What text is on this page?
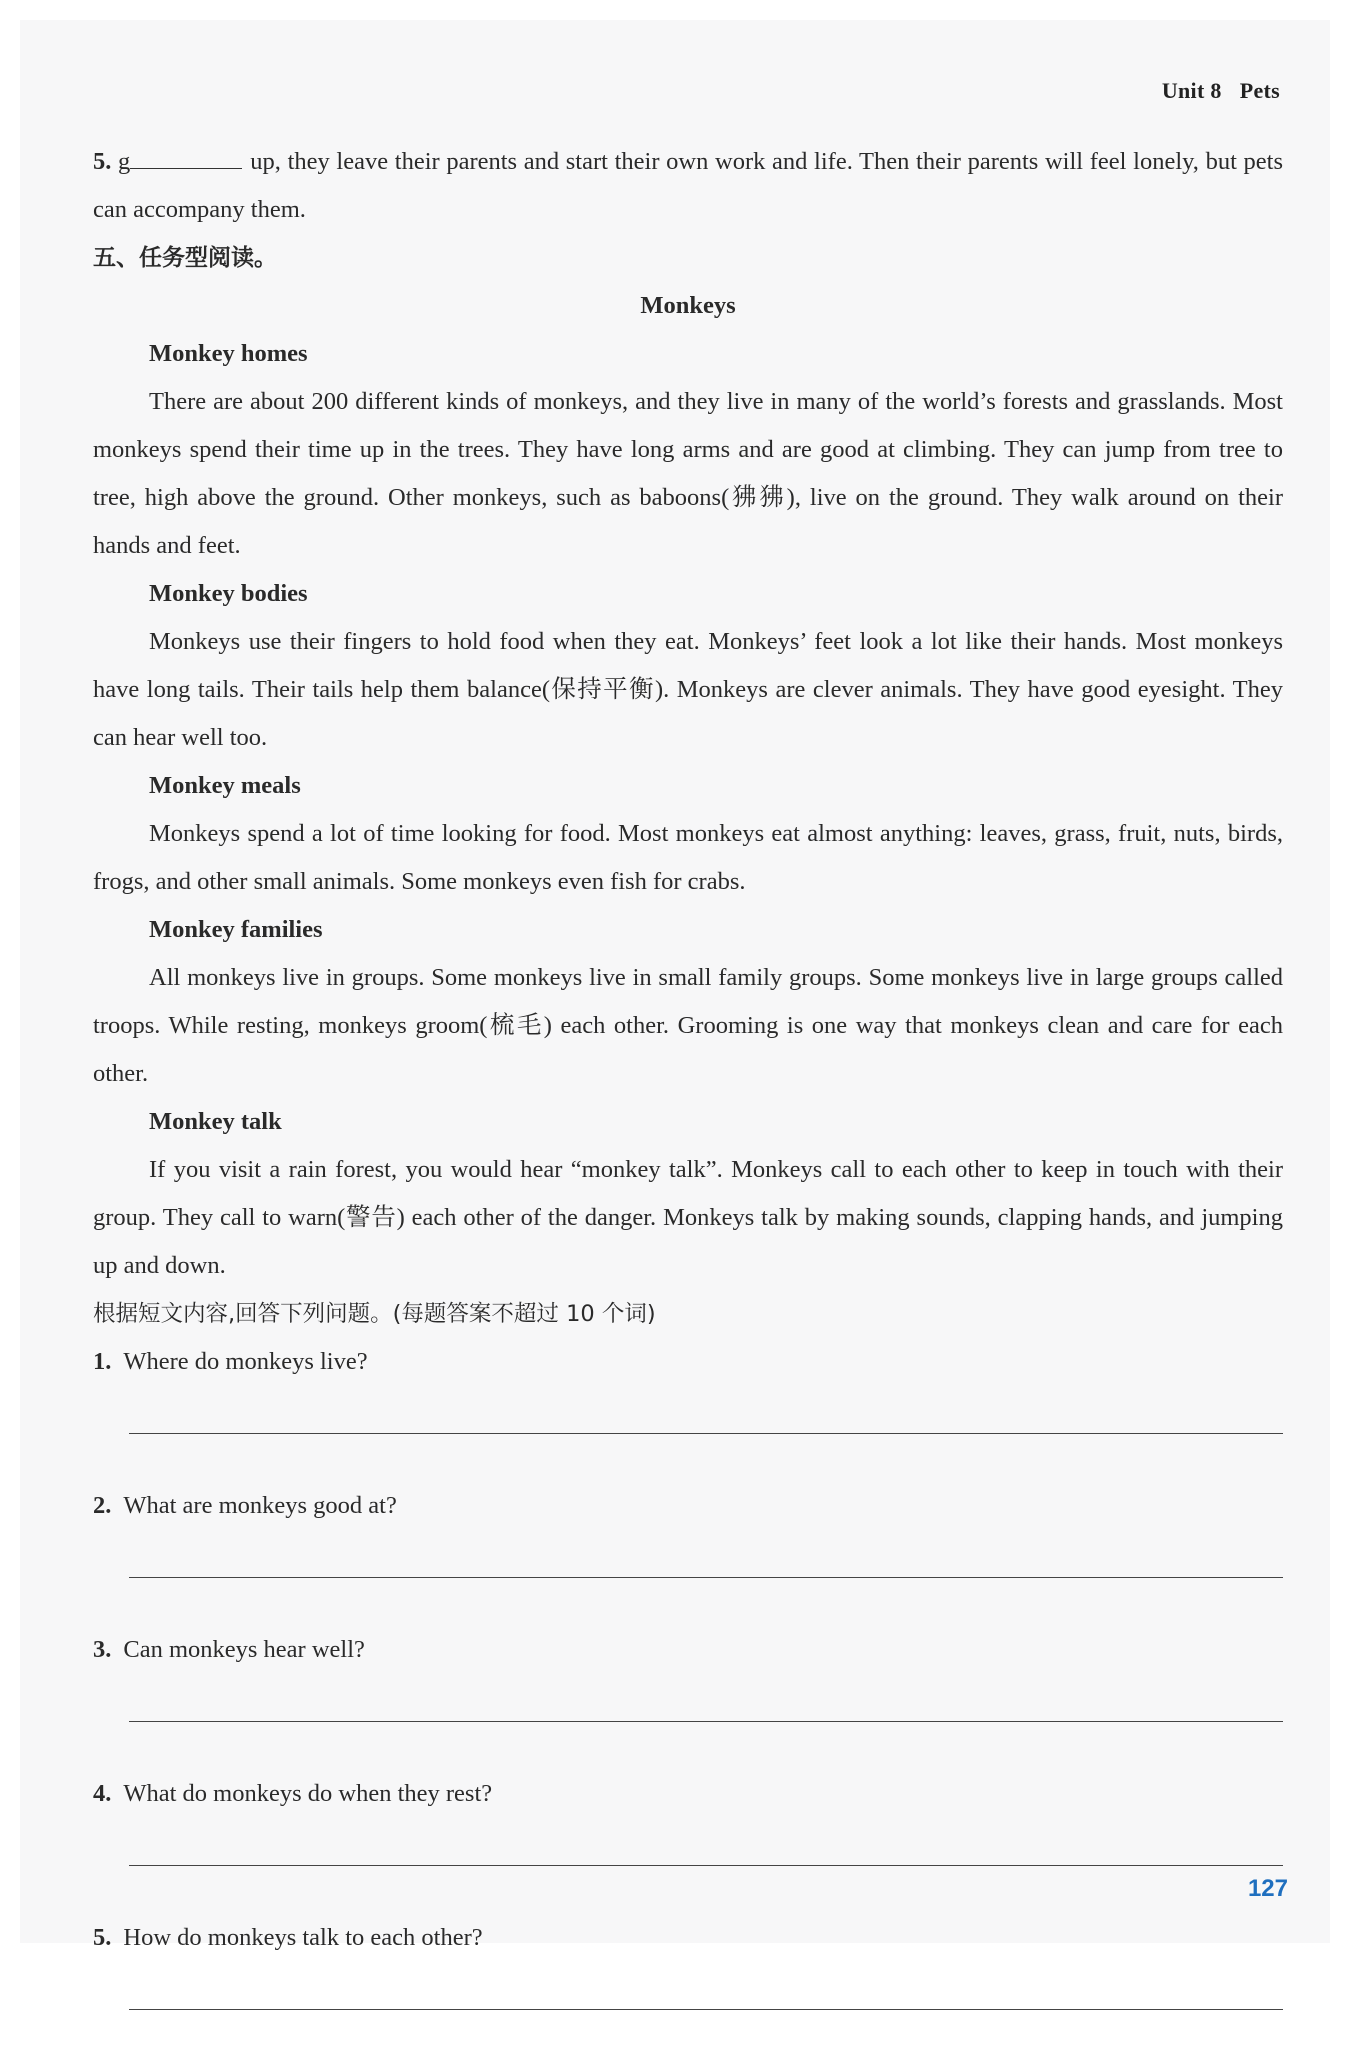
Unit 8 Pets

5. g	up, they leave their parents and start their own work and life. Then their parents will feel lonely, but pets can accompany them.

五、任务型阅读。

Monkeys

Monkey homes

There are about 200 different kinds of monkeys, and they live in many of the world’s forests and grasslands. Most monkeys spend their time up in the trees. They have long arms and are good at climbing. They can jump from tree to tree, high above the ground. Other monkeys, such as baboons(狒狒), live on the ground. They walk around on their hands and feet.

Monkey bodies

Monkeys use their fingers to hold food when they eat. Monkeys’ feet look a lot like their hands. Most monkeys have long tails. Their tails help them balance(保持平衡). Monkeys are clever animals. They have good eyesight. They can hear well too.

Monkey meals

Monkeys spend a lot of time looking for food. Most monkeys eat almost anything: leaves, grass, fruit, nuts, birds, frogs, and other small animals. Some monkeys even fish for crabs.

Monkey families

All monkeys live in groups. Some monkeys live in small family groups. Some monkeys live in large groups called troops. While resting, monkeys groom(梳毛) each other. Grooming is one way that monkeys clean and care for each other.

Monkey talk

If you visit a rain forest, you would hear “monkey talk”. Monkeys call to each other to keep in touch with their group. They call to warn(警告) each other of the danger. Monkeys talk by making sounds, clapping hands, and jumping up and down.

根据短文内容,回答下列问题。(每题答案不超过 10 个词)

1. Where do monkeys live?

2. What are monkeys good at?

3. Can monkeys hear well?

4. What do monkeys do when they rest?

5. How do monkeys talk to each other?

127
